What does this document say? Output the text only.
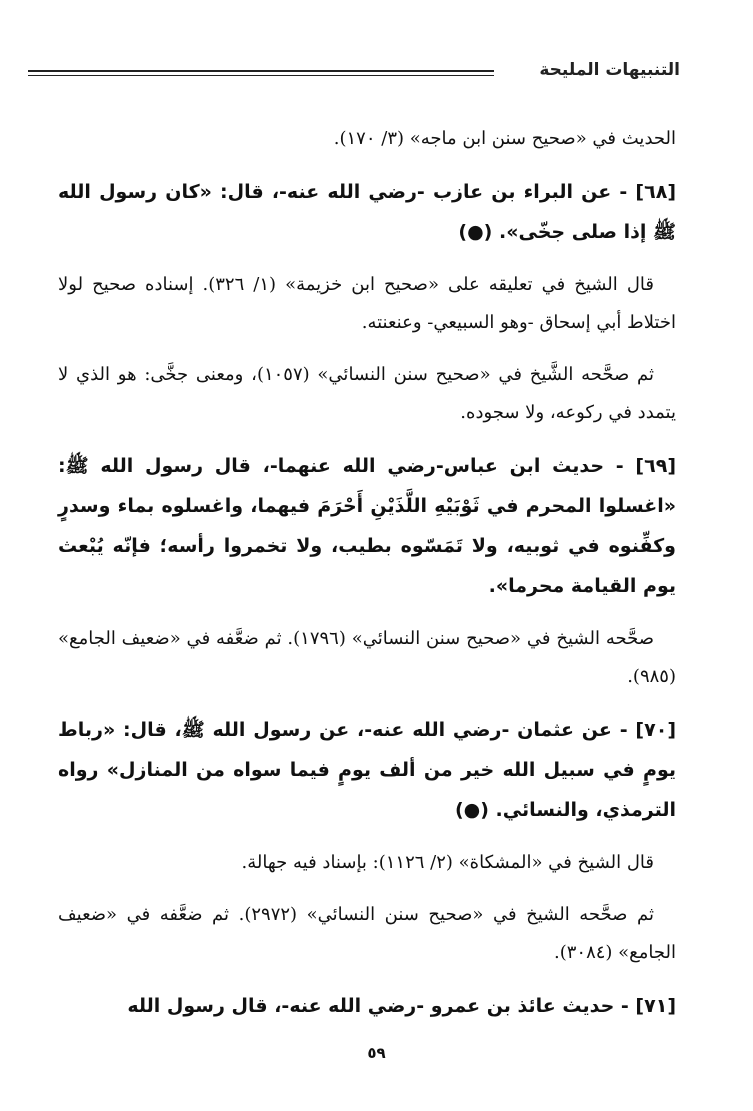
التنبيهات المليحة

الحديث في «صحيح سنن ابن ماجه» (٣/ ١٧٠).

[٦٨] - عن البراء بن عازب -رضي الله عنه-، قال: «كان رسول الله ﷺ إذا صلى جخّى». (●)

قال الشيخ في تعليقه على «صحيح ابن خزيمة» (١/ ٣٢٦). إسناده صحيح لولا اختلاط أبي إسحاق -وهو السبيعي- وعنعنته.

ثم صحَّحه الشَّيخ في «صحيح سنن النسائي» (١٠٥٧)، ومعنى جخَّى: هو الذي لا يتمدد في ركوعه، ولا سجوده.

[٦٩] - حديث ابن عباس-رضي الله عنهما-، قال رسول الله ﷺ: «اغسلوا المحرم في ثَوْبَيْهِ اللَّذَيْنِ أَحْرَمَ فيهما، واغسلوه بماء وسدرٍ وكفِّنوه في ثوبيه، ولا تَمَسّوه بطيب، ولا تخمروا رأسه؛ فإنّه يُبْعث يوم القيامة محرما».

صحَّحه الشيخ في «صحيح سنن النسائي» (١٧٩٦). ثم ضعَّفه في «ضعيف الجامع» (٩٨٥).

[٧٠] - عن عثمان -رضي الله عنه-، عن رسول الله ﷺ، قال: «رباط يومٍ في سبيل الله خير من ألف يومٍ فيما سواه من المنازل» رواه الترمذي، والنسائي. (●)

قال الشيخ في «المشكاة» (٢/ ١١٢٦): بإسناد فيه جهالة.

ثم صحَّحه الشيخ في «صحيح سنن النسائي» (٢٩٧٢). ثم ضعَّفه في «ضعيف الجامع» (٣٠٨٤).

[٧١] - حديث عائذ بن عمرو -رضي الله عنه-، قال رسول الله

٥٩
